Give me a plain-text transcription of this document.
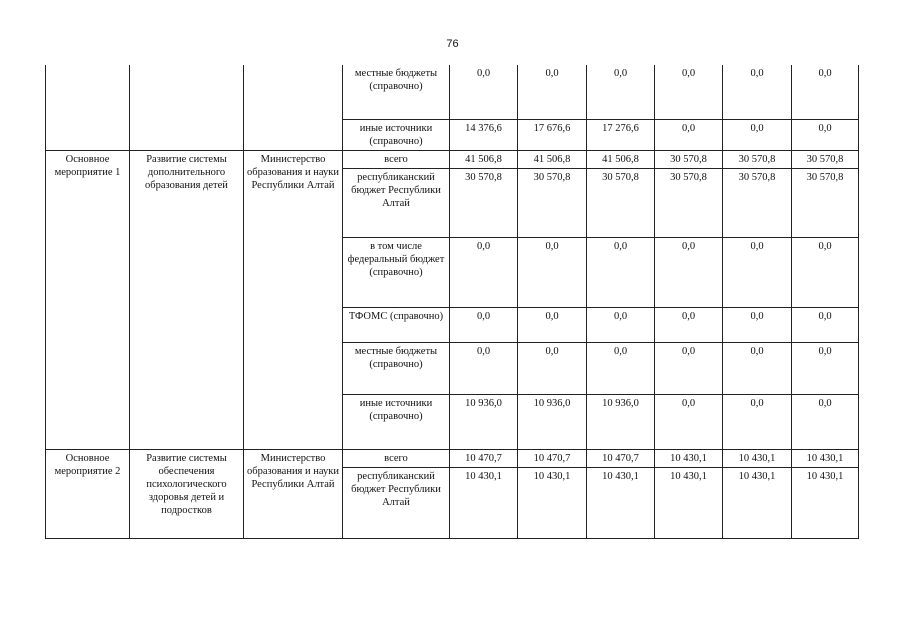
76
			местные бюджеты (справочно)	0,0	0,0	0,0	0,0	0,0	0,0
			иные источники (справочно)	14 376,6	17 676,6	17 276,6	0,0	0,0	0,0
Основное мероприятие 1	Развитие системы дополнительного образования детей	Министерство образования и науки Республики Алтай	всего	41 506,8	41 506,8	41 506,8	30 570,8	30 570,8	30 570,8
			республиканский бюджет Республики Алтай	30 570,8	30 570,8	30 570,8	30 570,8	30 570,8	30 570,8
			в том числе федеральный бюджет (справочно)	0,0	0,0	0,0	0,0	0,0	0,0
			ТФОМС (справочно)	0,0	0,0	0,0	0,0	0,0	0,0
			местные бюджеты (справочно)	0,0	0,0	0,0	0,0	0,0	0,0
			иные источники (справочно)	10 936,0	10 936,0	10 936,0	0,0	0,0	0,0
Основное мероприятие 2	Развитие системы обеспечения психологического здоровья детей и подростков	Министерство образования и науки Республики Алтай	всего	10 470,7	10 470,7	10 470,7	10 430,1	10 430,1	10 430,1
			республиканский бюджет Республики Алтай	10 430,1	10 430,1	10 430,1	10 430,1	10 430,1	10 430,1
